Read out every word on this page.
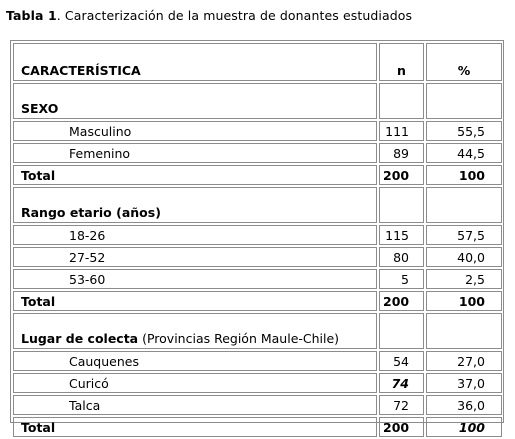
Tabla 1. Caracterización de la muestra de donantes estudiados
CARACTERÍSTICA	n	%
SEXO		
Masculino	111	55,5
Femenino	89	44,5
Total	200	100
Rango etario (años)		
18-26	115	57,5
27-52	80	40,0
53-60	5	2,5
Total	200	100
Lugar de colecta (Provincias Región Maule-Chile)		
Cauquenes	54	27,0
Curicó	74	37,0
Talca	72	36,0
Total	200	100
